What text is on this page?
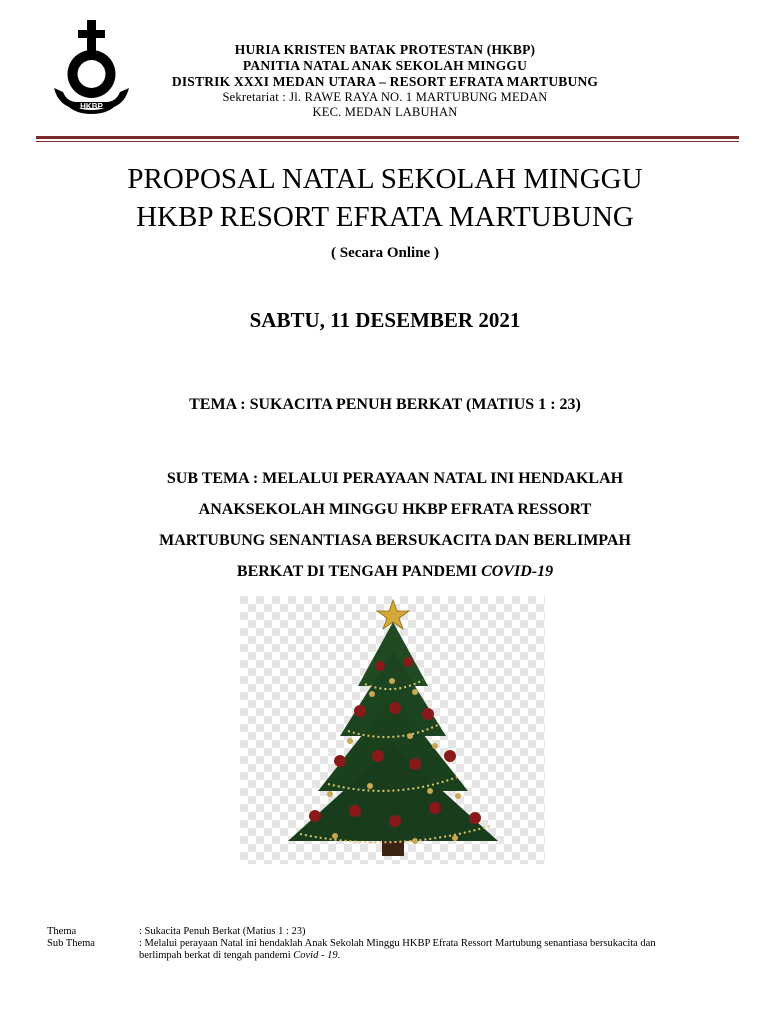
HKBP
HURIA KRISTEN BATAK PROTESTAN (HKBP)
PANITIA NATAL ANAK SEKOLAH MINGGU
DISTRIK XXXI MEDAN UTARA – RESORT EFRATA MARTUBUNG
Sekretariat : Jl. RAWE RAYA NO. 1 MARTUBUNG MEDAN
KEC. MEDAN LABUHAN
PROPOSAL NATAL SEKOLAH MINGGU
HKBP RESORT EFRATA MARTUBUNG
( Secara Online )
SABTU, 11 DESEMBER 2021
TEMA : SUKACITA PENUH BERKAT (MATIUS 1 : 23)
SUB TEMA : MELALUI PERAYAAN NATAL INI HENDAKLAH
ANAKSEKOLAH MINGGU HKBP EFRATA RESSORT
MARTUBUNG SENANTIASA BERSUKACITA DAN BERLIMPAH
BERKAT DI TENGAH PANDEMI COVID-19
Thema	: Sukacita Penuh Berkat (Matius 1 : 23)
Sub Thema	: Melalui perayaan Natal ini hendaklah Anak Sekolah Minggu HKBP Efrata Ressort Martubung senantiasa bersukacita dan
berlimpah berkat di tengah pandemi Covid - 19.
